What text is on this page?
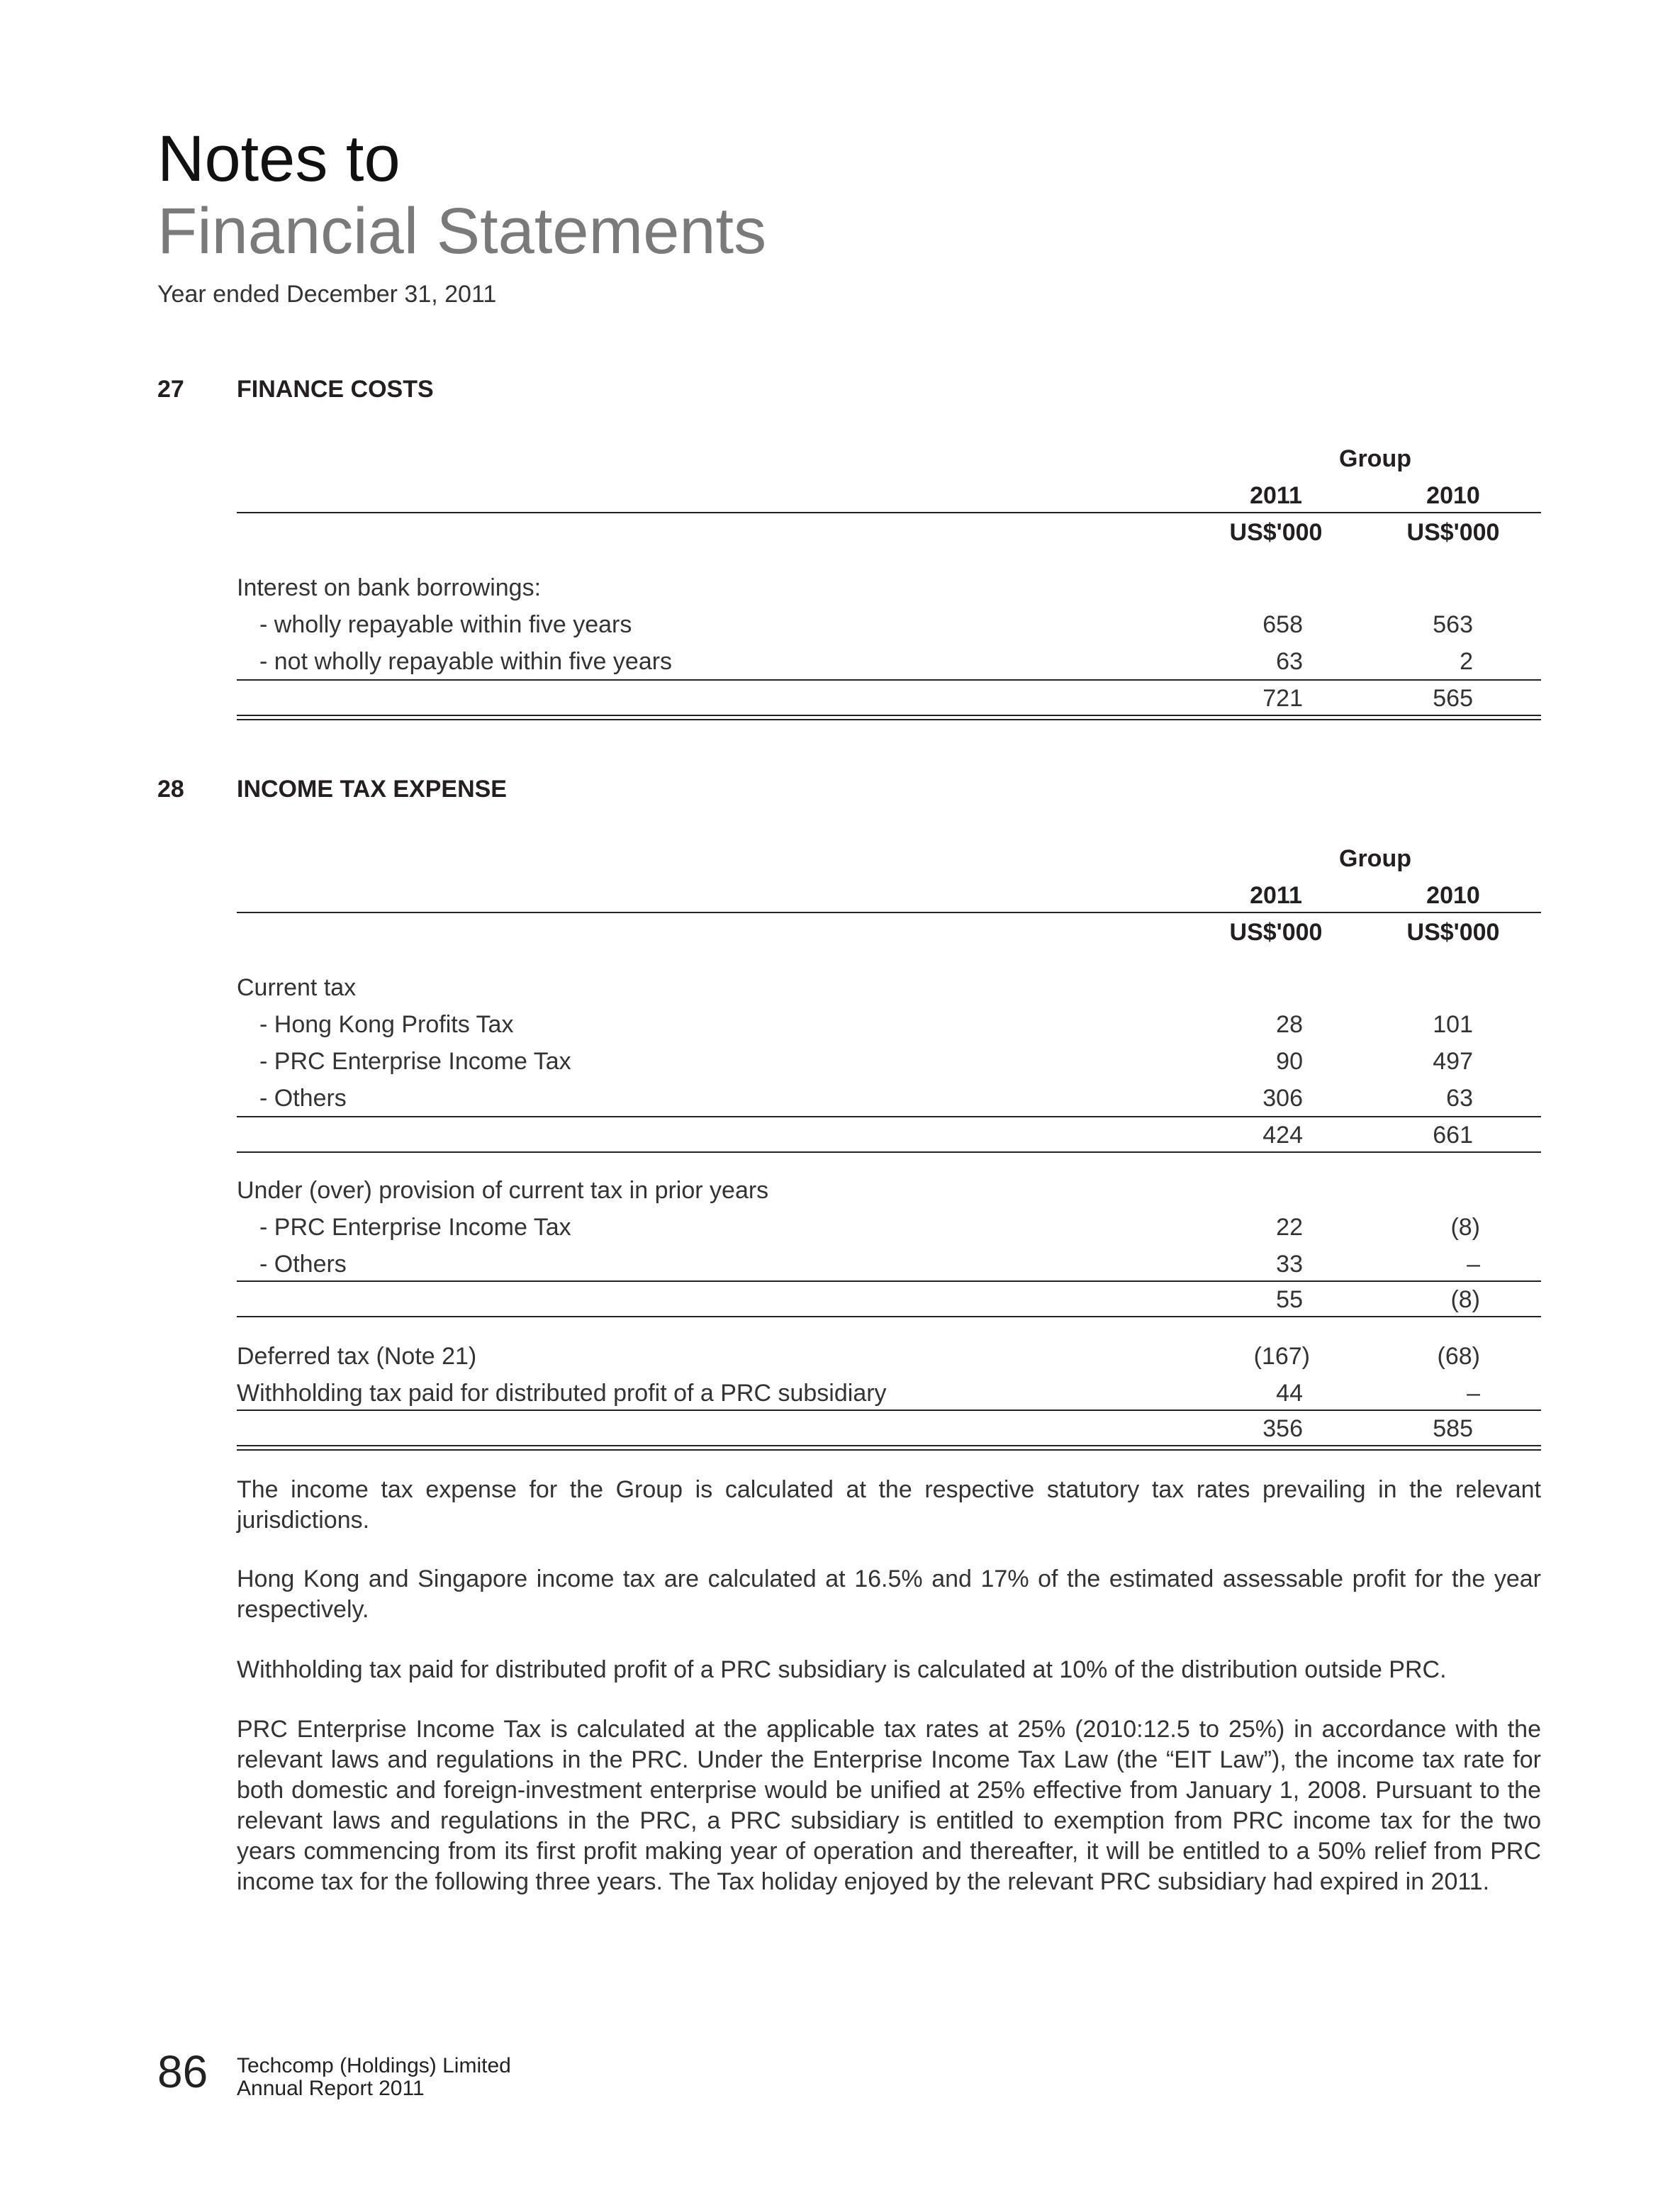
Notes to
Financial Statements
Year ended December 31, 2011
27 FINANCE COSTS
Group
2011	2010
US$'000	US$'000
Interest on bank borrowings:
- wholly repayable within five years	658	563
- not wholly repayable within five years	63	2
721	565
28 INCOME TAX EXPENSE
Group
2011	2010
US$'000	US$'000
Current tax
- Hong Kong Profits Tax	28	101
- PRC Enterprise Income Tax	90	497
- Others	306	63
424	661
Under (over) provision of current tax in prior years
- PRC Enterprise Income Tax	22	(8)
- Others	33	–
55	(8)
Deferred tax (Note 21)	(167)	(68)
Withholding tax paid for distributed profit of a PRC subsidiary	44	–
356	585
The income tax expense for the Group is calculated at the respective statutory tax rates prevailing in the relevant jurisdictions.
Hong Kong and Singapore income tax are calculated at 16.5% and 17% of the estimated assessable profit for the year respectively.
Withholding tax paid for distributed profit of a PRC subsidiary is calculated at 10% of the distribution outside PRC.
PRC Enterprise Income Tax is calculated at the applicable tax rates at 25% (2010:12.5 to 25%) in accordance with the relevant laws and regulations in the PRC. Under the Enterprise Income Tax Law (the “EIT Law”), the income tax rate for both domestic and foreign-investment enterprise would be unified at 25% effective from January 1, 2008. Pursuant to the relevant laws and regulations in the PRC, a PRC subsidiary is entitled to exemption from PRC income tax for the two years commencing from its first profit making year of operation and thereafter, it will be entitled to a 50% relief from PRC income tax for the following three years. The Tax holiday enjoyed by the relevant PRC subsidiary had expired in 2011.
86 Techcomp (Holdings) Limited
Annual Report 2011
